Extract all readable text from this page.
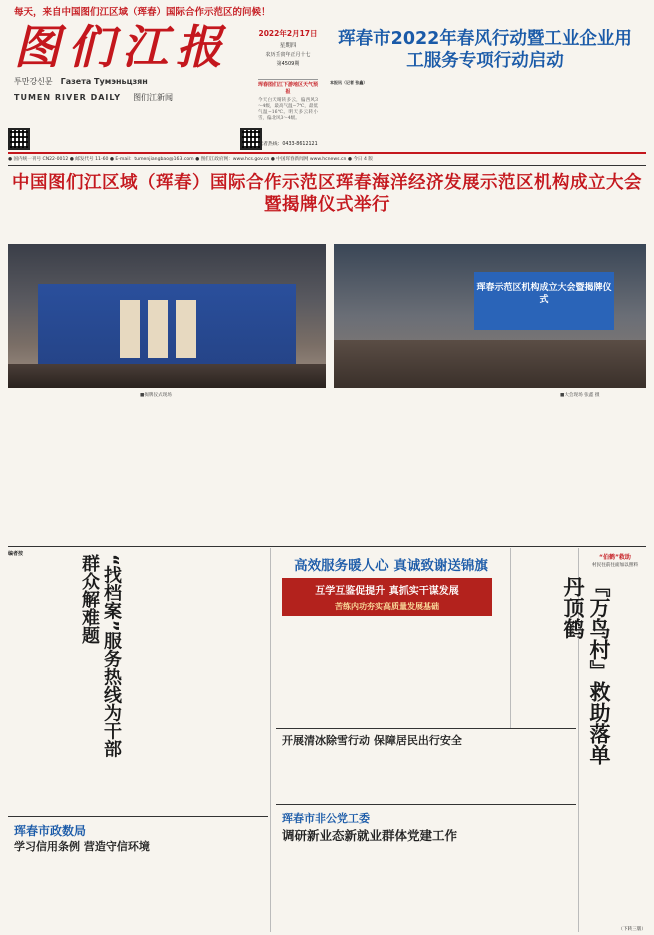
每天，来自中国图们江区域（珲春）国际合作示范区的问候！
图们江报
투만강신문 Газета Тумэньцзян
TUMEN RIVER DAILY 图们江新闻
2022年2月17日
星期四
农历壬寅年正月十七
第4509期
珲春图们江下游地区天气预报
今天白天晴转多云，偏西风3～4级，最高气温−7℃，最低气温−16℃。明天多云转小雪，偏北风3～4级。
读者热线：0433-8612121
珲春市2022年春风行动暨工业企业用工服务专项行动启动
本报讯（记者 张鑫）
● 国内统一刊号 CN22-0012 ● 邮发代号 11-60 ● E-mail：tumenjiangbao@163.com ● 图们江政府网：www.hcs.gov.cn ● 中国珲春新闻网 www.hcnews.cn ● 今日 4 版
中国图们江区域（珲春）国际合作示范区珲春海洋经济发展示范区机构成立大会暨揭牌仪式举行
珲春示范区机构成立大会暨揭牌仪式
■揭牌仪式现场	■大会现场 张鑫 摄
编者按	“找档案”服务热线为干部群众解难题
珲春市政数局
学习信用条例 营造守信环境
高效服务暖人心 真诚致谢送锦旗
互学互鉴促提升 真抓实干谋发展
苦练内功夯实高质量发展基础
开展清冰除雪行动 保障居民出行安全
珲春市非公党工委
调研新业态新就业群体党建工作
“伯鹤”救助
村民往前往面加以照料
『万鸟村』救助落单丹顶鹤
（下转三版）
